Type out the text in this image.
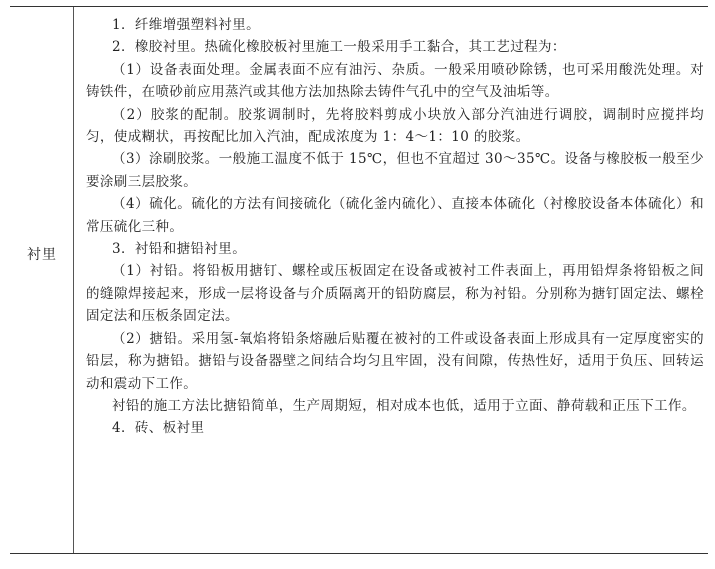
衬里

1．纤维增强塑料衬里。

2．橡胶衬里。热硫化橡胶板衬里施工一般采用手工黏合，其工艺过程为：

（1）设备表面处理。金属表面不应有油污、杂质。一般采用喷砂除锈，也可采用酸洗处理。对铸铁件，在喷砂前应用蒸汽或其他方法加热除去铸件气孔中的空气及油垢等。

（2）胶浆的配制。胶浆调制时，先将胶料剪成小块放入部分汽油进行调胶，调制时应搅拌均匀，使成糊状，再按配比加入汽油，配成浓度为 1：4～1：10 的胶浆。

（3）涂刷胶浆。一般施工温度不低于 15℃，但也不宜超过 30～35℃。设备与橡胶板一般至少要涂刷三层胶浆。

（4）硫化。硫化的方法有间接硫化（硫化釜内硫化）、直接本体硫化（衬橡胶设备本体硫化）和常压硫化三种。

3．衬铅和搪铅衬里。

（1）衬铅。将铅板用搪钉、螺栓或压板固定在设备或被衬工件表面上，再用铅焊条将铅板之间的缝隙焊接起来，形成一层将设备与介质隔离开的铅防腐层，称为衬铅。分别称为搪钉固定法、螺栓固定法和压板条固定法。

（2）搪铅。采用氢-氧焰将铅条熔融后贴覆在被衬的工件或设备表面上形成具有一定厚度密实的铅层，称为搪铅。搪铅与设备器壁之间结合均匀且牢固，没有间隙，传热性好，适用于负压、回转运动和震动下工作。

衬铅的施工方法比搪铅简单，生产周期短，相对成本也低，适用于立面、静荷载和正压下工作。

4．砖、板衬里
